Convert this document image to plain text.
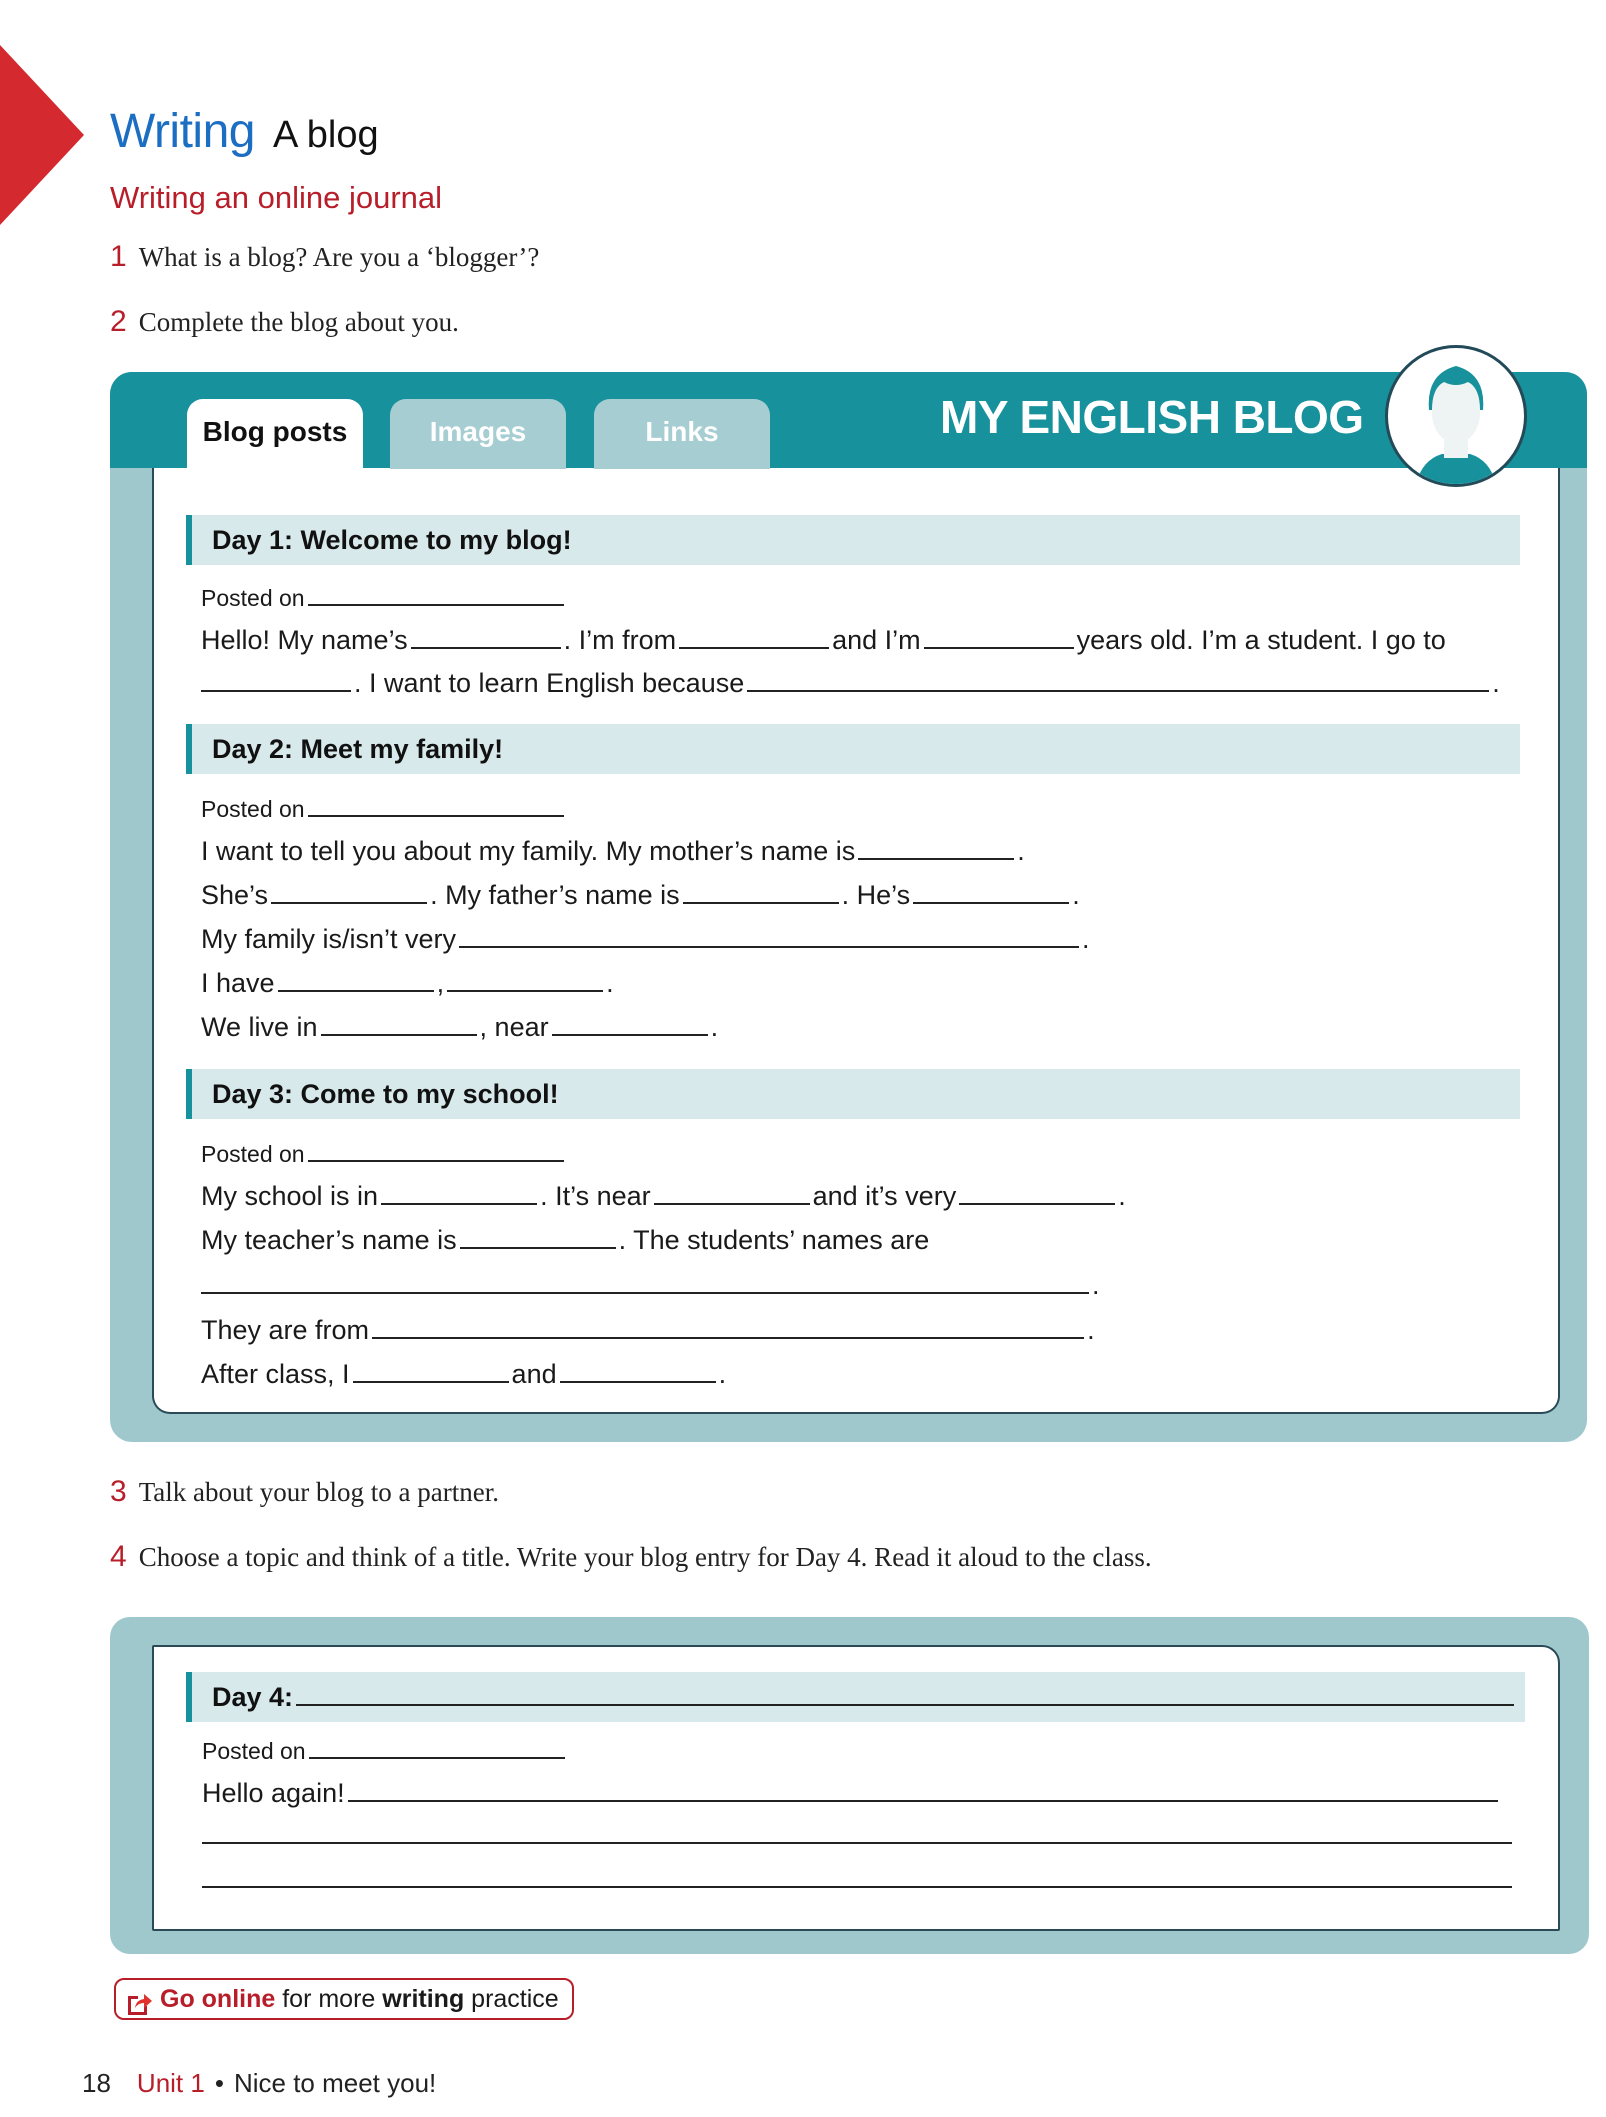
Writing A blog
Writing an online journal
1 What is a blog? Are you a ‘blogger’?
2 Complete the blog about you.
Blog posts	Images	Links	MY ENGLISH BLOG
Day 1: Welcome to my blog!
Posted on
Hello! My name’s	. I’m from	and I’m	years old. I’m a student. I go to
. I want to learn English because	.
Day 2: Meet my family!
Posted on
I want to tell you about my family. My mother’s name is	.
She’s	. My father’s name is	. He’s	.
My family is/isn’t very	.
I have	,	.
We live in	, near	.
Day 3: Come to my school!
Posted on
My school is in	. It’s near	and it’s very	.
My teacher’s name is	. The students’ names are
.
They are from	.
After class, I	and	.
3 Talk about your blog to a partner.
4 Choose a topic and think of a title. Write your blog entry for Day 4. Read it aloud to the class.
Day 4:
Posted on
Hello again!
Go online for more writing practice
18 Unit 1 • Nice to meet you!
